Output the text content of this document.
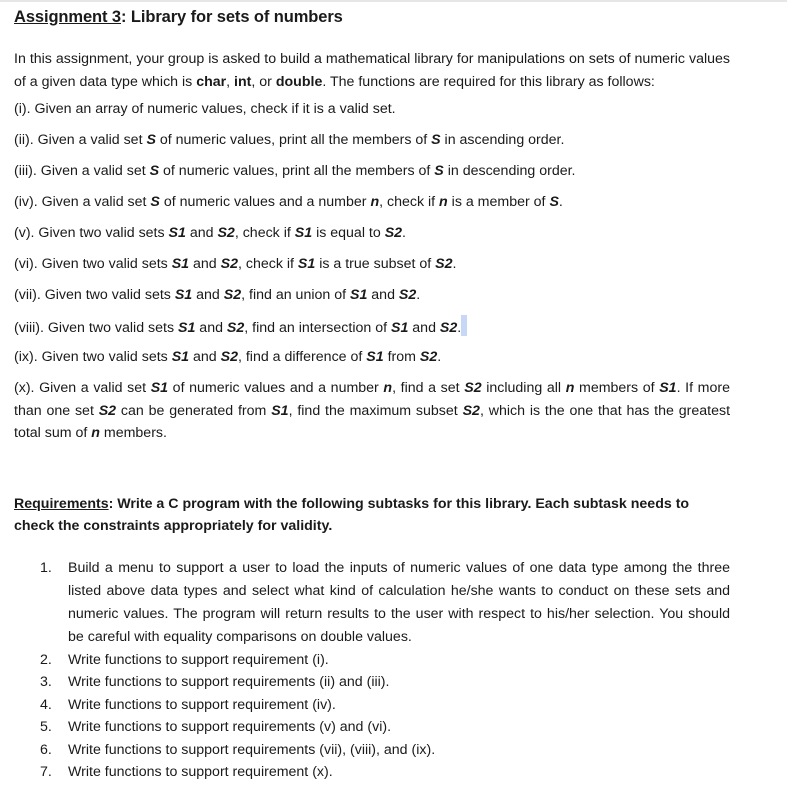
Assignment 3: Library for sets of numbers

In this assignment, your group is asked to build a mathematical library for manipulations on sets of numeric values of a given data type which is char, int, or double. The functions are required for this library as follows:

(i). Given an array of numeric values, check if it is a valid set.
(ii). Given a valid set S of numeric values, print all the members of S in ascending order.
(iii). Given a valid set S of numeric values, print all the members of S in descending order.
(iv). Given a valid set S of numeric values and a number n, check if n is a member of S.
(v). Given two valid sets S1 and S2, check if S1 is equal to S2.
(vi). Given two valid sets S1 and S2, check if S1 is a true subset of S2.
(vii). Given two valid sets S1 and S2, find an union of S1 and S2.
(viii). Given two valid sets S1 and S2, find an intersection of S1 and S2.
(ix). Given two valid sets S1 and S2, find a difference of S1 from S2.
(x). Given a valid set S1 of numeric values and a number n, find a set S2 including all n members of S1. If more than one set S2 can be generated from S1, find the maximum subset S2, which is the one that has the greatest total sum of n members.
Requirements: Write a C program with the following subtasks for this library. Each subtask needs to check the constraints appropriately for validity.
1. Build a menu to support a user to load the inputs of numeric values of one data type among the three listed above data types and select what kind of calculation he/she wants to conduct on these sets and numeric values. The program will return results to the user with respect to his/her selection. You should be careful with equality comparisons on double values.
2. Write functions to support requirement (i).
3. Write functions to support requirements (ii) and (iii).
4. Write functions to support requirement (iv).
5. Write functions to support requirements (v) and (vi).
6. Write functions to support requirements (vii), (viii), and (ix).
7. Write functions to support requirement (x).
